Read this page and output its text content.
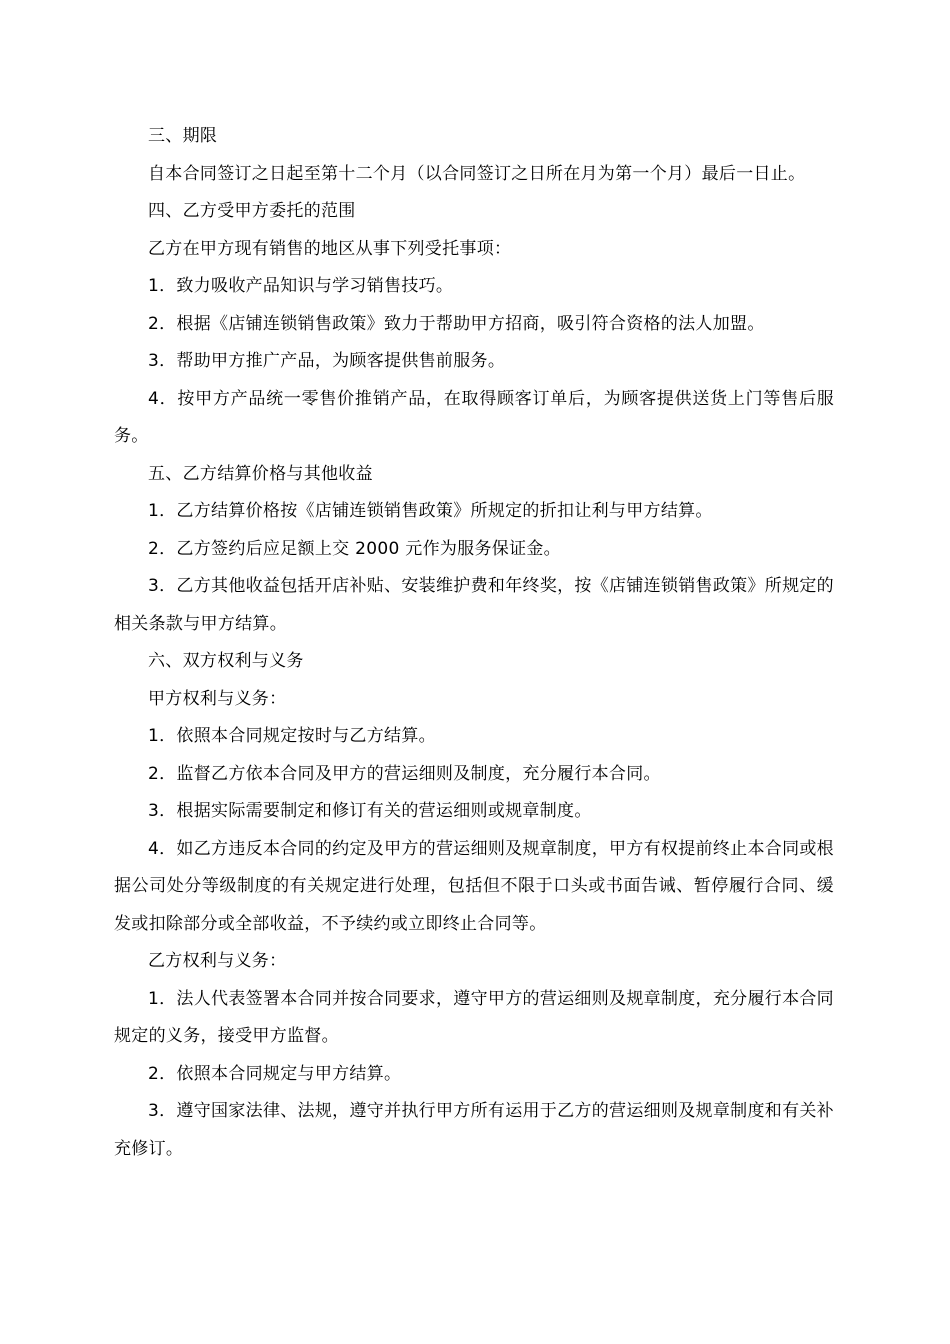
三、期限

自本合同签订之日起至第十二个月（以合同签订之日所在月为第一个月）最后一日止。

四、乙方受甲方委托的范围

乙方在甲方现有销售的地区从事下列受托事项：

1．致力吸收产品知识与学习销售技巧。

2．根据《店铺连锁销售政策》致力于帮助甲方招商，吸引符合资格的法人加盟。

3．帮助甲方推广产品，为顾客提供售前服务。

4．按甲方产品统一零售价推销产品，在取得顾客订单后，为顾客提供送货上门等售后服务。

五、乙方结算价格与其他收益

1．乙方结算价格按《店铺连锁销售政策》所规定的折扣让利与甲方结算。

2．乙方签约后应足额上交 2000 元作为服务保证金。

3．乙方其他收益包括开店补贴、安装维护费和年终奖，按《店铺连锁销售政策》所规定的相关条款与甲方结算。

六、双方权利与义务

甲方权利与义务：

1．依照本合同规定按时与乙方结算。

2．监督乙方依本合同及甲方的营运细则及制度，充分履行本合同。

3．根据实际需要制定和修订有关的营运细则或规章制度。

4．如乙方违反本合同的约定及甲方的营运细则及规章制度，甲方有权提前终止本合同或根据公司处分等级制度的有关规定进行处理，包括但不限于口头或书面告诫、暂停履行合同、缓发或扣除部分或全部收益，不予续约或立即终止合同等。

乙方权利与义务：

1．法人代表签署本合同并按合同要求，遵守甲方的营运细则及规章制度，充分履行本合同规定的义务，接受甲方监督。

2．依照本合同规定与甲方结算。

3．遵守国家法律、法规，遵守并执行甲方所有运用于乙方的营运细则及规章制度和有关补充修订。
